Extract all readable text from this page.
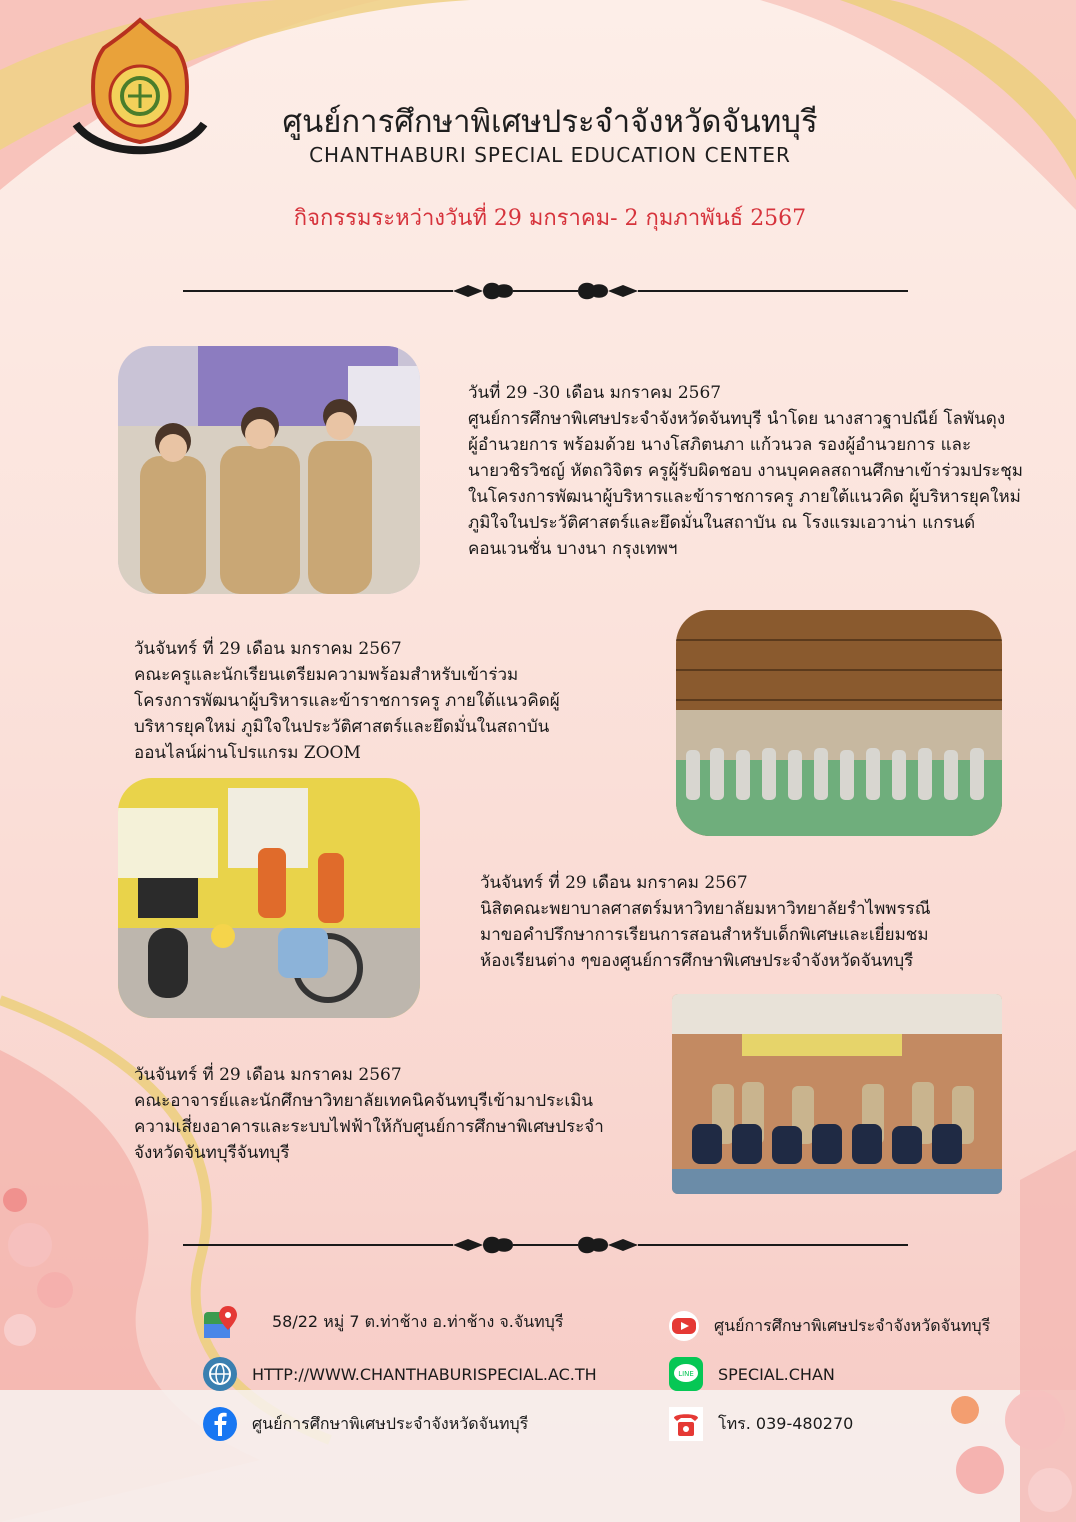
ศูนย์การศึกษาพิเศษประจำจังหวัดจันทบุรี
CHANTHABURI SPECIAL EDUCATION CENTER
กิจกรรมระหว่างวันที่ 29 มกราคม- 2 กุมภาพันธ์ 2567

วันที่ 29 -30 เดือน มกราคม 2567

ศูนย์การศึกษาพิเศษประจำจังหวัดจันทบุรี นำโดย นางสาวฐาปณีย์ โลพันดุง

ผู้อำนวยการ พร้อมด้วย นางโสภิตนภา แก้วนวล รองผู้อำนวยการ และ

นายวชิรวิชญ์ หัตถวิจิตร ครูผู้รับผิดชอบ งานบุคคลสถานศึกษาเข้าร่วมประชุม

ในโครงการพัฒนาผู้บริหารและข้าราชการครู ภายใต้แนวคิด ผู้บริหารยุคใหม่

ภูมิใจในประวัติศาสตร์และยึดมั่นในสถาบัน ณ โรงแรมเอวาน่า แกรนด์

คอนเวนชั่น บางนา กรุงเทพฯ

วันจันทร์ ที่ 29 เดือน มกราคม 2567

คณะครูและนักเรียนเตรียมความพร้อมสำหรับเข้าร่วม

โครงการพัฒนาผู้บริหารและข้าราชการครู ภายใต้แนวคิดผู้

บริหารยุคใหม่ ภูมิใจในประวัติศาสตร์และยึดมั่นในสถาบัน

ออนไลน์ผ่านโปรแกรม ZOOM

วันจันทร์ ที่ 29 เดือน มกราคม 2567

นิสิตคณะพยาบาลศาสตร์มหาวิทยาลัยมหาวิทยาลัยรำไพพรรณี

มาขอคำปรึกษาการเรียนการสอนสำหรับเด็กพิเศษและเยี่ยมชม

ห้องเรียนต่าง ๆของศูนย์การศึกษาพิเศษประจำจังหวัดจันทบุรี

วันจันทร์ ที่ 29 เดือน มกราคม 2567

คณะอาจารย์และนักศึกษาวิทยาลัยเทคนิคจันทบุรีเข้ามาประเมิน

ความเสี่ยงอาคารและระบบไฟฟ้าให้กับศูนย์การศึกษาพิเศษประจำ

จังหวัดจันทบุรีจันทบุรี

58/22 หมู่ 7 ต.ท่าช้าง อ.ท่าช้าง จ.จันทบุรี
HTTP://WWW.CHANTHABURISPECIAL.AC.TH
ศูนย์การศึกษาพิเศษประจำจังหวัดจันทบุรี
ศูนย์การศึกษาพิเศษประจำจังหวัดจันทบุรี
LINE SPECIAL.CHAN
โทร. 039-480270
